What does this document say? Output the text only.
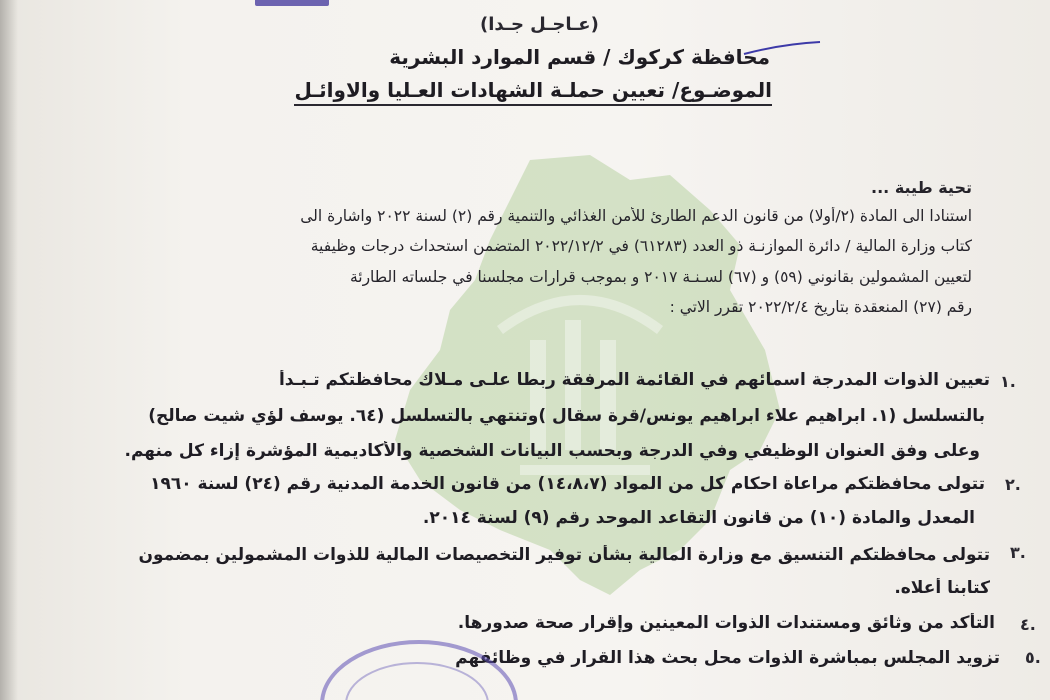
(عـاجـل جـدا)
محافظة كركوك / قسم الموارد البشرية
الموضـوع/ تعيين حملـة الشهادات العـليا والاوائـل
تحية طيبة ...
استنادا الى المادة (٢/أولا) من قانون الدعم الطارئ للأمن الغذائي والتنمية رقم (٢) لسنة ٢٠٢٢ واشارة الى
كتاب وزارة المالية / دائرة الموازنـة ذو العدد (٦١٢٨٣) في ٢٠٢٢/١٢/٢ المتضمن استحداث درجات وظيفية
لتعيين المشمولين بقانوني (٥٩) و (٦٧) لسـنـة ٢٠١٧ و بموجب قرارات مجلسنا في جلساته الطارئة
رقم (٢٧) المنعقدة بتاريخ ٢٠٢٢/٢/٤ تقرر الاتي :
١.
تعيين الذوات المدرجة اسمائهم في القائمة المرفقة ربطا علـى مـلاك محافظتكم تـبـدأ
بالتسلسل (١. ابراهيم علاء ابراهيم يونس/قرة سقال )وتنتهي بالتسلسل (٦٤. يوسف لؤي شيت صالح)
وعلى وفق العنوان الوظيفي وفي الدرجة وبحسب البيانات الشخصية والأكاديمية المؤشرة إزاء كل منهم.
٢.
تتولى محافظتكم مراعاة احكام كل من المواد (١٤،٨،٧) من قانون الخدمة المدنية رقم (٢٤) لسنة ١٩٦٠
المعدل والمادة (١٠) من قانون التقاعد الموحد رقم (٩) لسنة ٢٠١٤.
٣.
تتولى محافظتكم التنسيق مع وزارة المالية بشأن توفير التخصيصات المالية للذوات المشمولين بمضمون
كتابنا أعلاه.
٤.
التأكد من وثائق ومستندات الذوات المعينين وإقرار صحة صدورها.
٥.
تزويد المجلس بمباشرة الذوات محل بحث هذا القرار في وظائفهم
